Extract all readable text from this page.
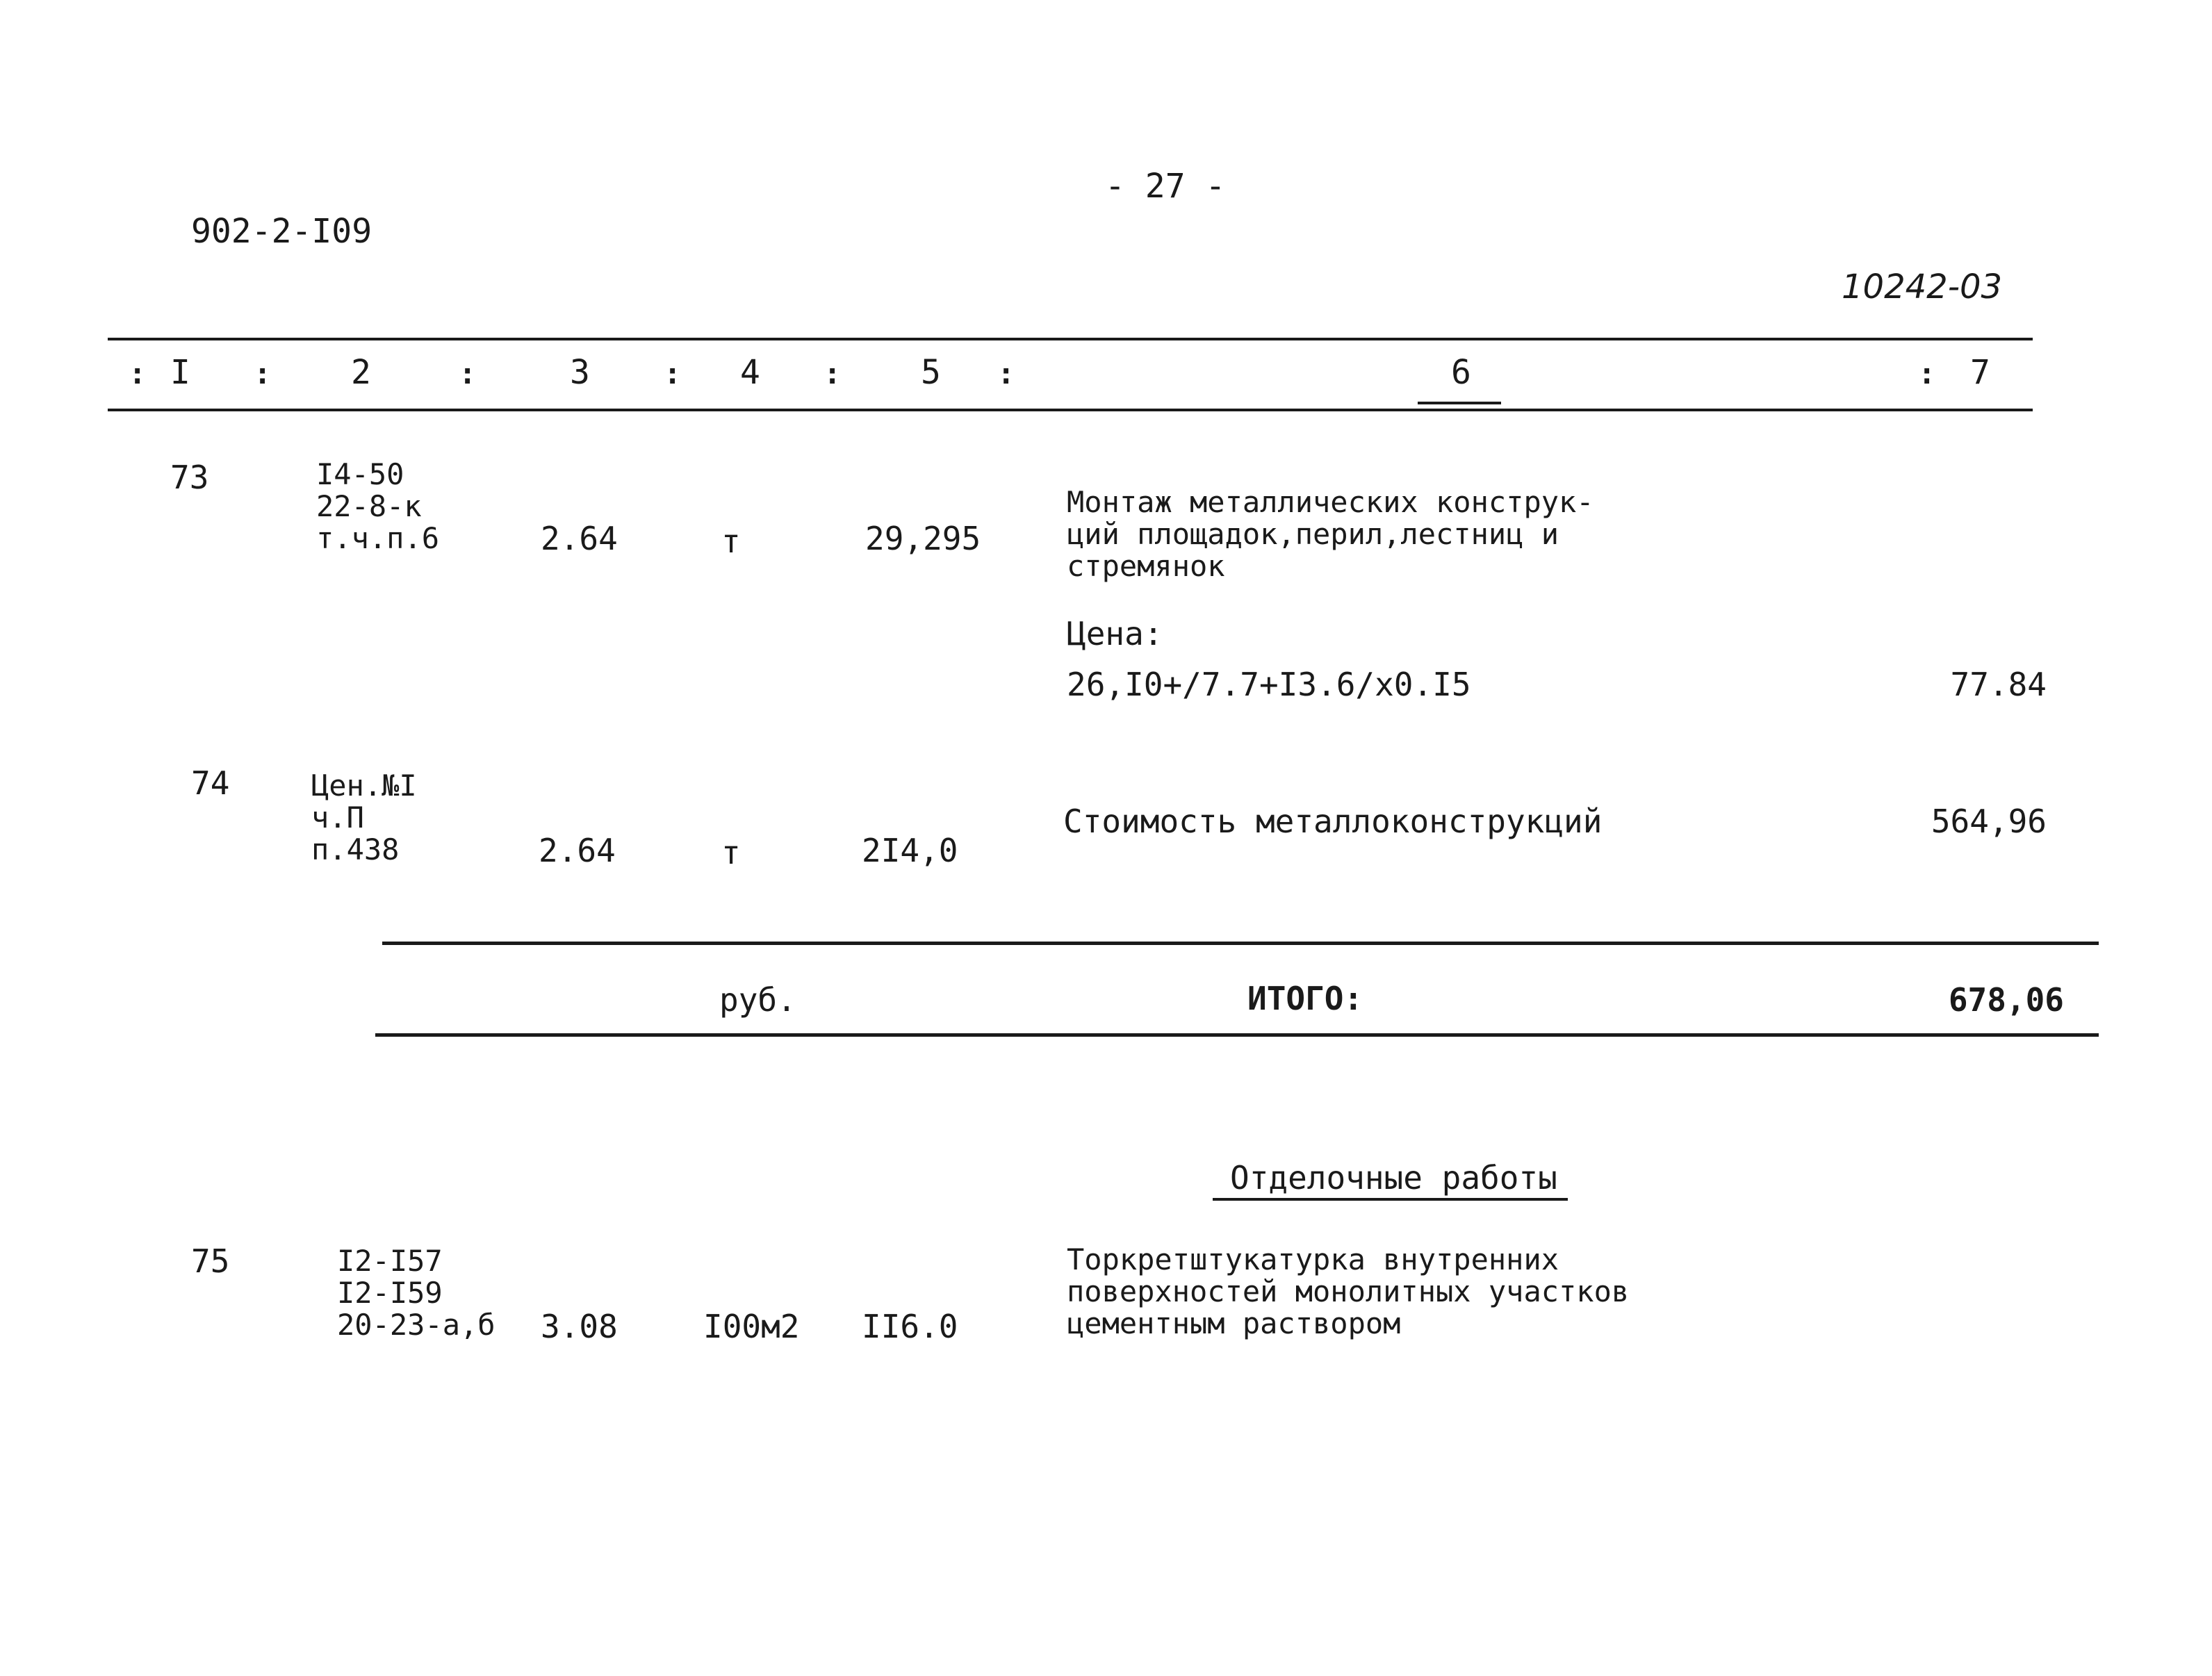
- 27 -
902-2-I09
10242-03
: I : 2	:	3	: 4 : 5 :	6	: 7
73	I4-50
22-8-к
т.ч.п.6	2.64	т	29,295
Монтаж металлических конструк-
ций площадок,перил,лестниц и
стремянок
Цена:
26,I0+/7.7+I3.6/x0.I5	77.84
74	Цен.№I
ч.П
п.438	2.64	т	2I4,0
Стоимость металлоконструкций	564,96
руб.	ИТОГО:	678,06
Отделочные работы
75	I2-I57
I2-I59
20-23-а,б 3.08	I00м2 II6.0
Торкретштукатурка внутренних
поверхностей монолитных участков
цементным раствором
